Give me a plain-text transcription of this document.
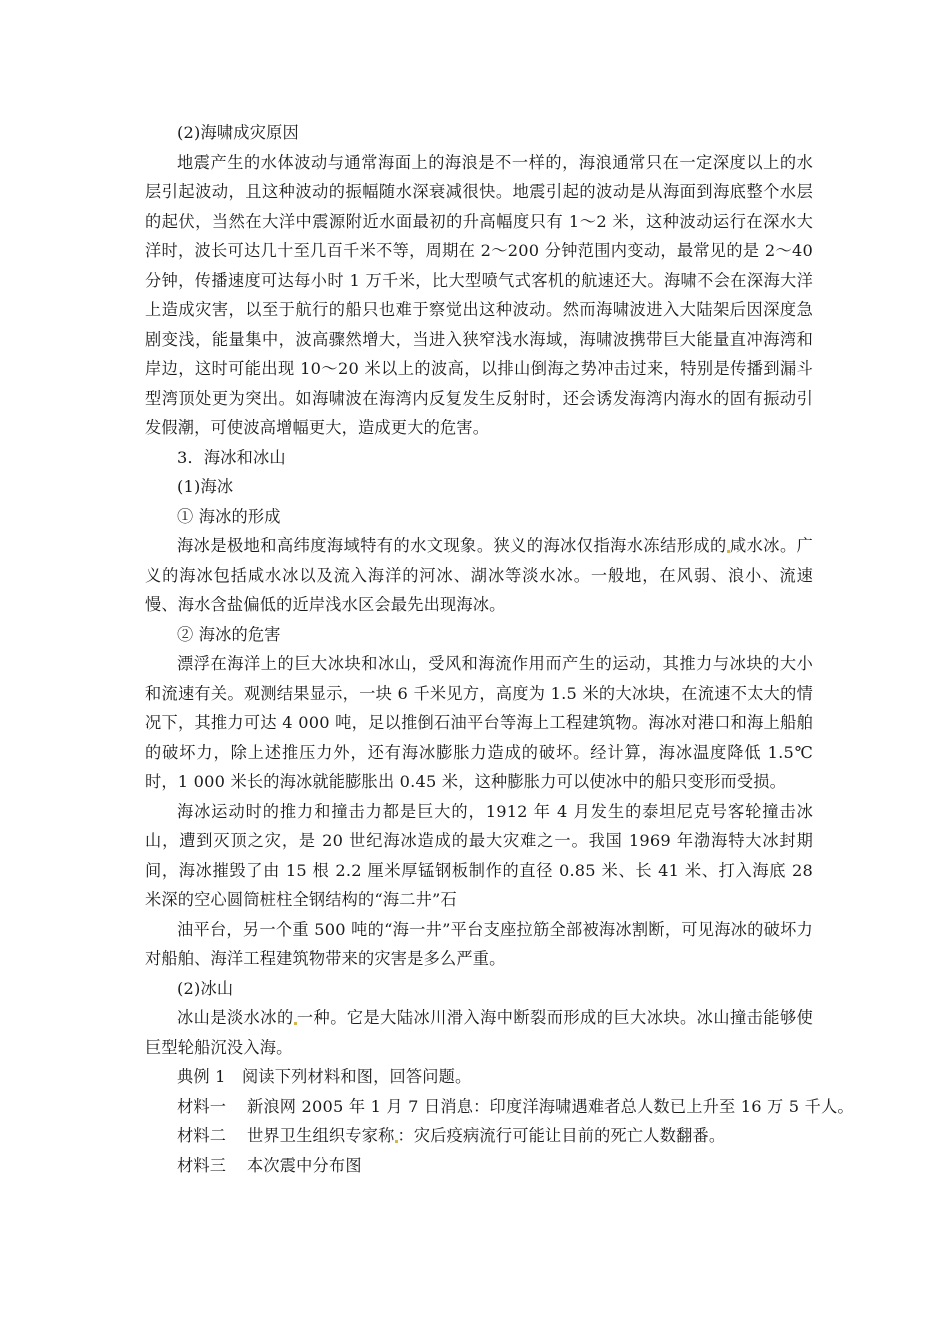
(2)海啸成灾原因

地震产生的水体波动与通常海面上的海浪是不一样的，海浪通常只在一定深度以上的水层引起波动，且这种波动的振幅随水深衰减很快。地震引起的波动是从海面到海底整个水层的起伏，当然在大洋中震源附近水面最初的升高幅度只有 1～2 米，这种波动运行在深水大洋时，波长可达几十至几百千米不等，周期在 2～200 分钟范围内变动，最常见的是 2～40 分钟，传播速度可达每小时 1 万千米，比大型喷气式客机的航速还大。海啸不会在深海大洋上造成灾害，以至于航行的船只也难于察觉出这种波动。然而海啸波进入大陆架后因深度急剧变浅，能量集中，波高骤然增大，当进入狭窄浅水海域，海啸波携带巨大能量直冲海湾和岸边，这时可能出现 10～20 米以上的波高，以排山倒海之势冲击过来，特别是传播到漏斗型湾顶处更为突出。如海啸波在海湾内反复发生反射时，还会诱发海湾内海水的固有振动引发假潮，可使波高增幅更大，造成更大的危害。

3．海冰和冰山

(1)海冰

① 海冰的形成

海冰是极地和高纬度海域特有的水文现象。狭义的海冰仅指海水冻结形成的 咸水冰。广义的海冰包括咸水冰以及流入海洋的河冰、湖冰等淡水冰。一般地，在风弱、浪小、流速慢、海水含盐偏低的近岸浅水区会最先出现海冰。

② 海冰的危害

漂浮在海洋上的巨大冰块和冰山，受风和海流作用而产生的运动，其推力与冰块的大小和流速有关。观测结果显示，一块 6 千米见方，高度为 1.5 米的大冰块，在流速不太大的情况下，其推力可达 4 000 吨，足以推倒石油平台等海上工程建筑物。海冰对港口和海上船舶的破坏力，除上述推压力外，还有海冰膨胀力造成的破坏。经计算，海冰温度降低 1.5℃时，1 000 米长的海冰就能膨胀出 0.45 米，这种膨胀力可以使冰中的船只变形而受损。

海冰运动时的推力和撞击力都是巨大的，1912 年 4 月发生的泰坦尼克号客轮撞击冰山，遭到灭顶之灾，是 20 世纪海冰造成的最大灾难之一。我国 1969 年渤海特大冰封期间，海冰摧毁了由 15 根 2.2 厘米厚锰钢板制作的直径 0.85 米、长 41 米、打入海底 28 米深的空心圆筒桩柱全钢结构的“海二井”石

油平台，另一个重 500 吨的“海一井”平台支座拉筋全部被海冰割断，可见海冰的破坏力对船舶、海洋工程建筑物带来的灾害是多么严重。

(2)冰山

冰山是淡水冰的 一种。它是大陆冰川滑入海中断裂而形成的巨大冰块。冰山撞击能够使巨型轮船沉没入海。

典例 1　阅读下列材料和图，回答问题。

材料一 新浪网 2005 年 1 月 7 日消息：印度洋海啸遇难者总人数已上升至 16 万 5 千人。

材料二 世界卫生组织专家称 ：灾后疫病流行可能让目前的死亡人数翻番。

材料三 本次震中分布图
